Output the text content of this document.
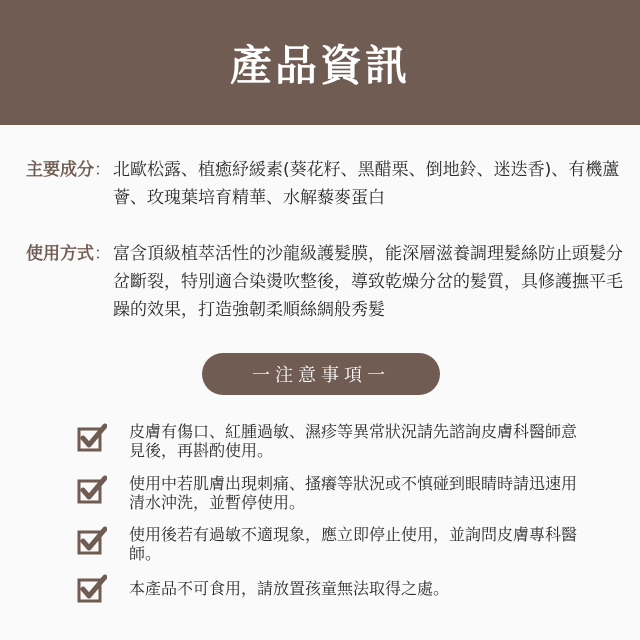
產品資訊
主要成分 ： 北歐松露、植癒紓緩素(葵花籽、黑醋栗、倒地鈴、迷迭香)、有機蘆薈、玫瑰葉培育精華、水解藜麥蛋白
使用方式 ： 富含頂級植萃活性的沙龍級護髮膜，能深層滋養調理髮絲防止頭髮分岔斷裂，特別適合染燙吹整後，導致乾燥分岔的髮質，具修護撫平毛躁的效果，打造強韌柔順絲綢般秀髮
一注意事項一
皮膚有傷口、紅腫過敏、濕疹等異常狀況請先諮詢皮膚科醫師意見後，再斟酌使用。
使用中若肌膚出現刺痛、搔癢等狀況或不慎碰到眼睛時請迅速用清水沖洗，並暫停使用。
使用後若有過敏不適現象，應立即停止使用，並詢問皮膚專科醫師。
本產品不可食用，請放置孩童無法取得之處。
